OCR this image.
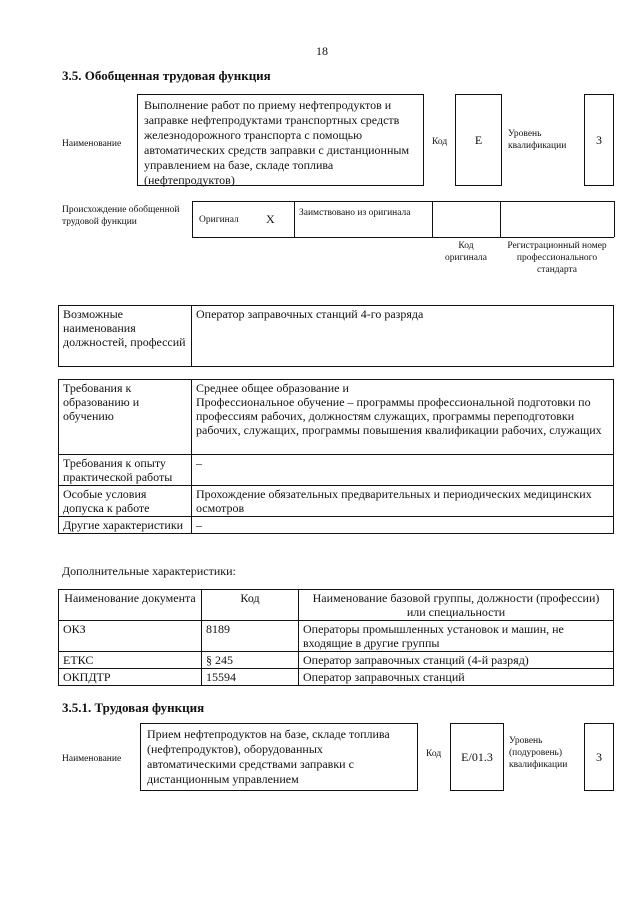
18
3.5. Обобщенная трудовая функция
Наименование
Выполнение работ по приему нефтепродуктов и заправке нефтепродуктами транспортных средств железнодорожного транспорта с помощью автоматических средств заправки с дистанционным управлением на базе, складе топлива (нефтепродуктов)
Код E	Уровень квалификации	3
Происхождение обобщенной трудовой функции	Оригинал X	Заимствовано из оригинала
Код оригинала
Регистрационный номер профессионального стандарта
Возможные наименования должностей, профессий	Оператор заправочных станций 4-го разряда
Требования к образованию и обучению	Среднее общее образование и
Профессиональное обучение – программы профессиональной подготовки по профессиям рабочих, должностям служащих, программы переподготовки рабочих, служащих, программы повышения квалификации рабочих, служащих
Требования к опыту практической работы	–
Особые условия допуска к работе	Прохождение обязательных предварительных и периодических медицинских осмотров
Другие характеристики	–
Дополнительные характеристики:
Наименование документа	Код	Наименование базовой группы, должности (профессии) или специальности
ОКЗ	8189	Операторы промышленных установок и машин, не входящие в другие группы
ЕТКС	§ 245	Оператор заправочных станций (4-й разряд)
ОКПДТР	15594	Оператор заправочных станций
3.5.1. Трудовая функция
Наименование
Прием нефтепродуктов на базе, складе топлива (нефтепродуктов), оборудованных автоматическими средствами заправки с дистанционным управлением
Код E/01.3
Уровень (подуровень) квалификации
3
